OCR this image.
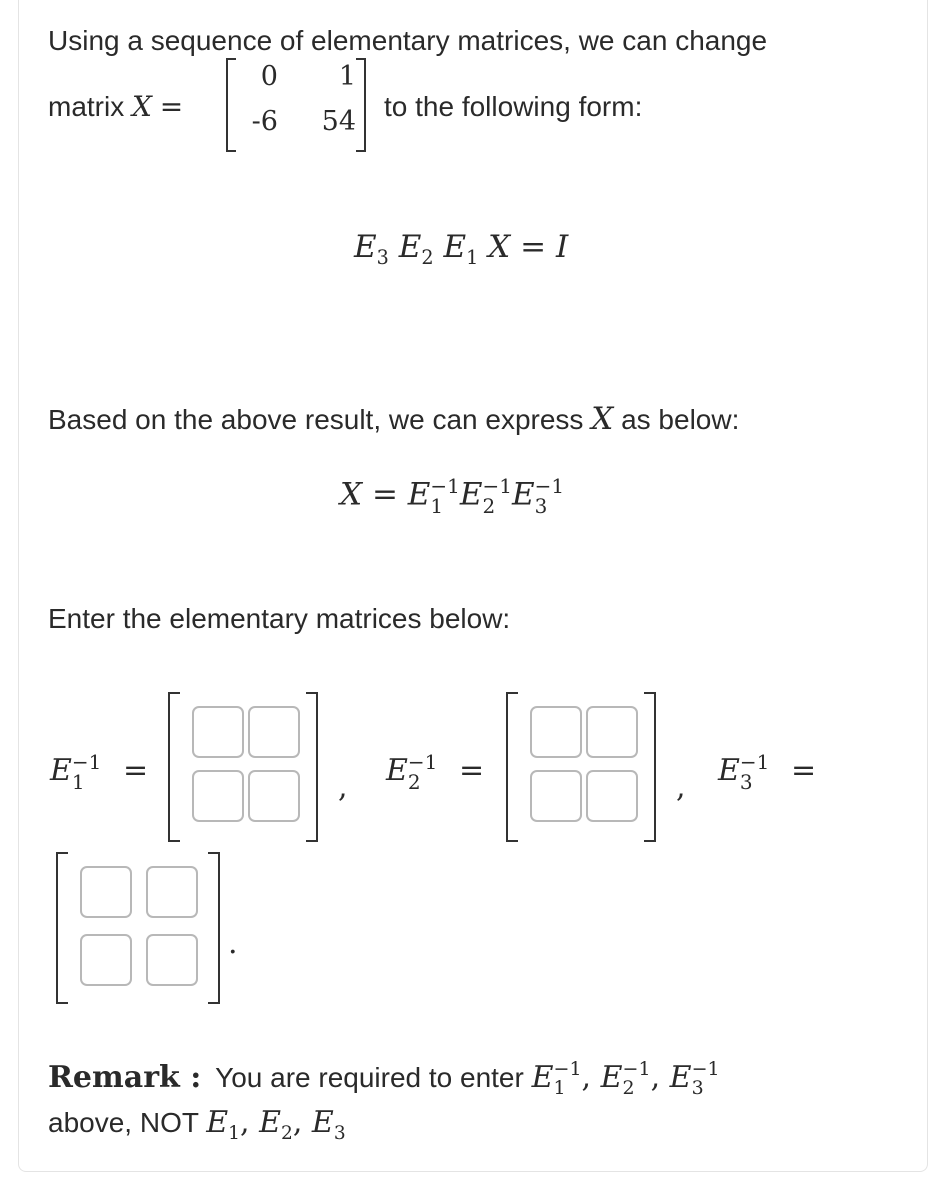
Using a sequence of elementary matrices, we can change
matrix X =
0	1
-6	54 to the following form:
$E_3$ $E_2$ $E_1$ X = I
Based on the above result, we can express X as below:
X = E −1
1 E −1
2 E −1
3
Enter the elementary matrices below:
E −1
1	=	, E −1
2	=	, E −1
3	=
.
Remark : You are required to enter E −1
1 , E −1
2 , E −1
3
above, NOT $E_1$, $E_2$, $E_3$
